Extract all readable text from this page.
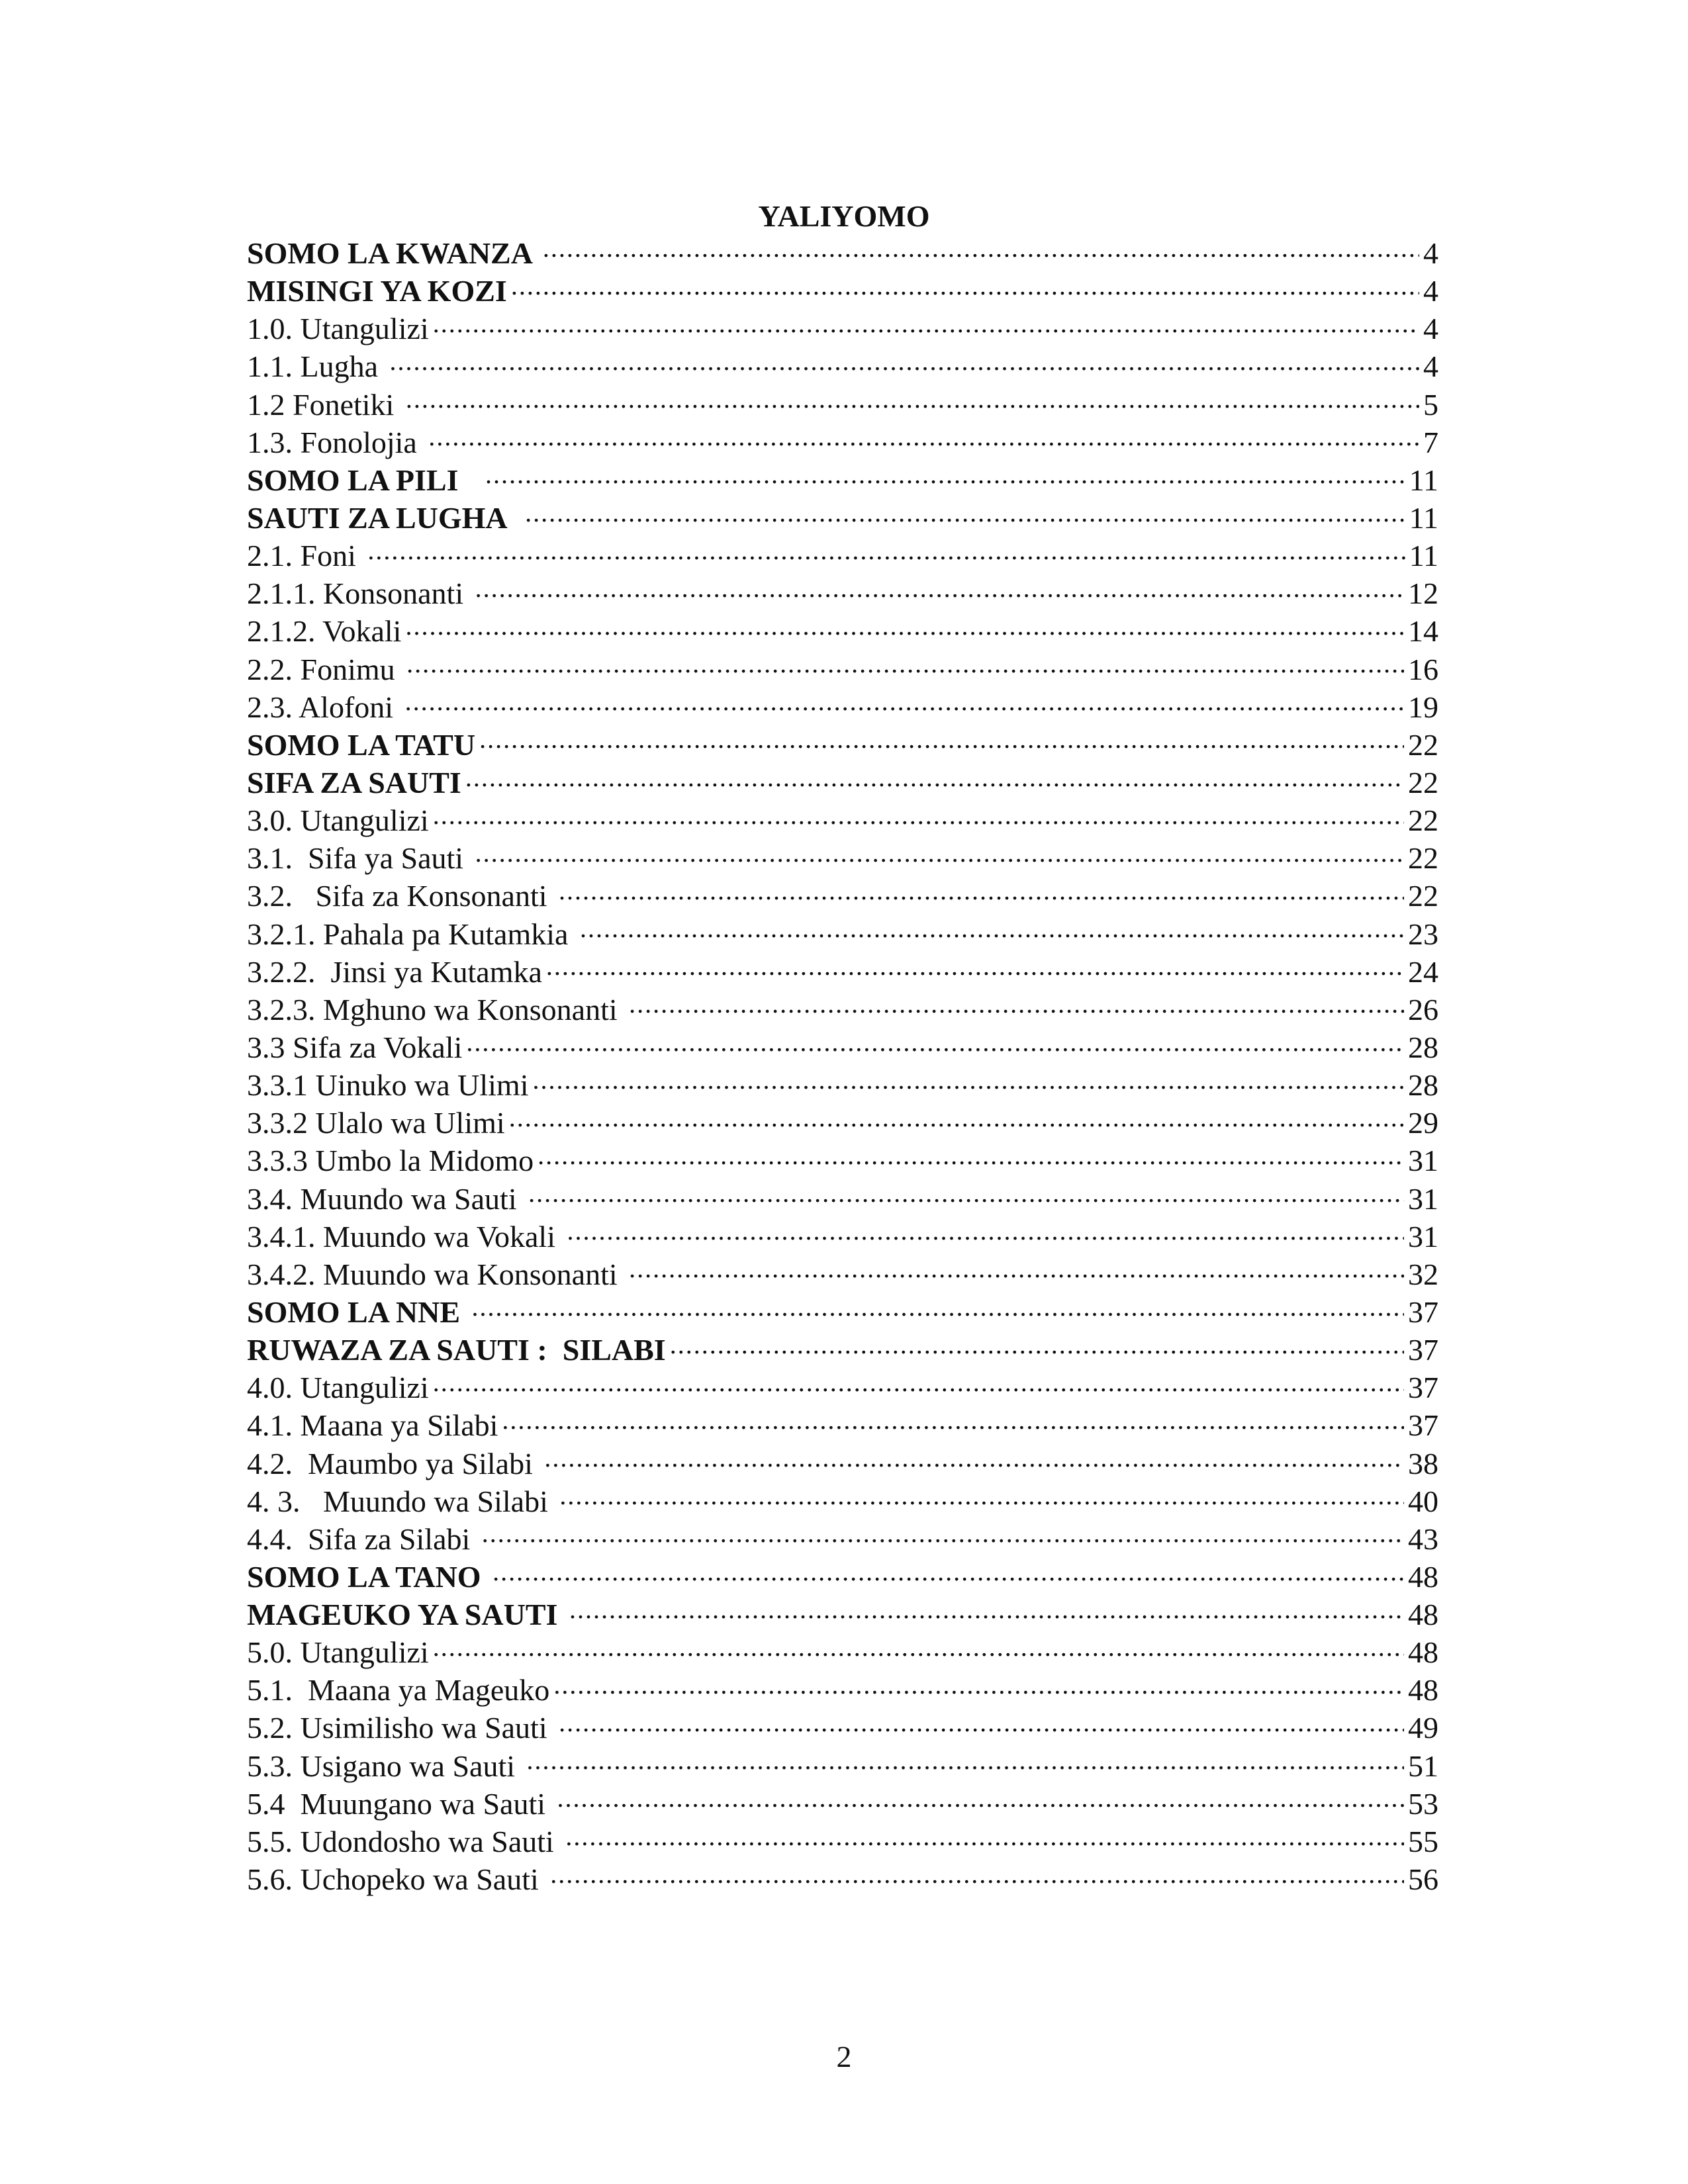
YALIYOMO
SOMO LA KWANZA .....	4
MISINGI YA KOZI .....	4
1.0. Utangulizi .....	4
1.1. Lugha .....	4
1.2 Fonetiki .....	5
1.3. Fonolojia .....	7
SOMO LA PILI .....	11
SAUTI ZA LUGHA .....	11
2.1. Foni .....	11
2.1.1. Konsonanti .....	12
2.1.2. Vokali .....	14
2.2. Fonimu .....	16
2.3. Alofoni .....	19
SOMO LA TATU .....	22
SIFA ZA SAUTI .....	22
3.0. Utangulizi .....	22
3.1.  Sifa ya Sauti .....	22
3.2.   Sifa za Konsonanti .....	22
3.2.1. Pahala pa Kutamkia .....	23
3.2.2.  Jinsi ya Kutamka .....	24
3.2.3. Mghuno wa Konsonanti .....	26
3.3 Sifa za Vokali .....	28
3.3.1 Uinuko wa Ulimi .....	28
3.3.2 Ulalo wa Ulimi .....	29
3.3.3 Umbo la Midomo .....	31
3.4. Muundo wa Sauti .....	31
3.4.1. Muundo wa Vokali .....	31
3.4.2. Muundo wa Konsonanti .....	32
SOMO LA NNE .....	37
RUWAZA ZA SAUTI :  SILABI .....	37
4.0. Utangulizi .....	37
4.1. Maana ya Silabi .....	37
4.2.  Maumbo ya Silabi .....	38
4. 3.   Muundo wa Silabi .....	40
4.4.  Sifa za Silabi .....	43
SOMO LA TANO .....	48
MAGEUKO YA SAUTI .....	48
5.0. Utangulizi .....	48
5.1.  Maana ya Mageuko .....	48
5.2. Usimilisho wa Sauti .....	49
5.3. Usigano wa Sauti .....	51
5.4  Muungano wa Sauti .....	53
5.5. Udondosho wa Sauti .....	55
5.6. Uchopeko wa Sauti .....	56
2
